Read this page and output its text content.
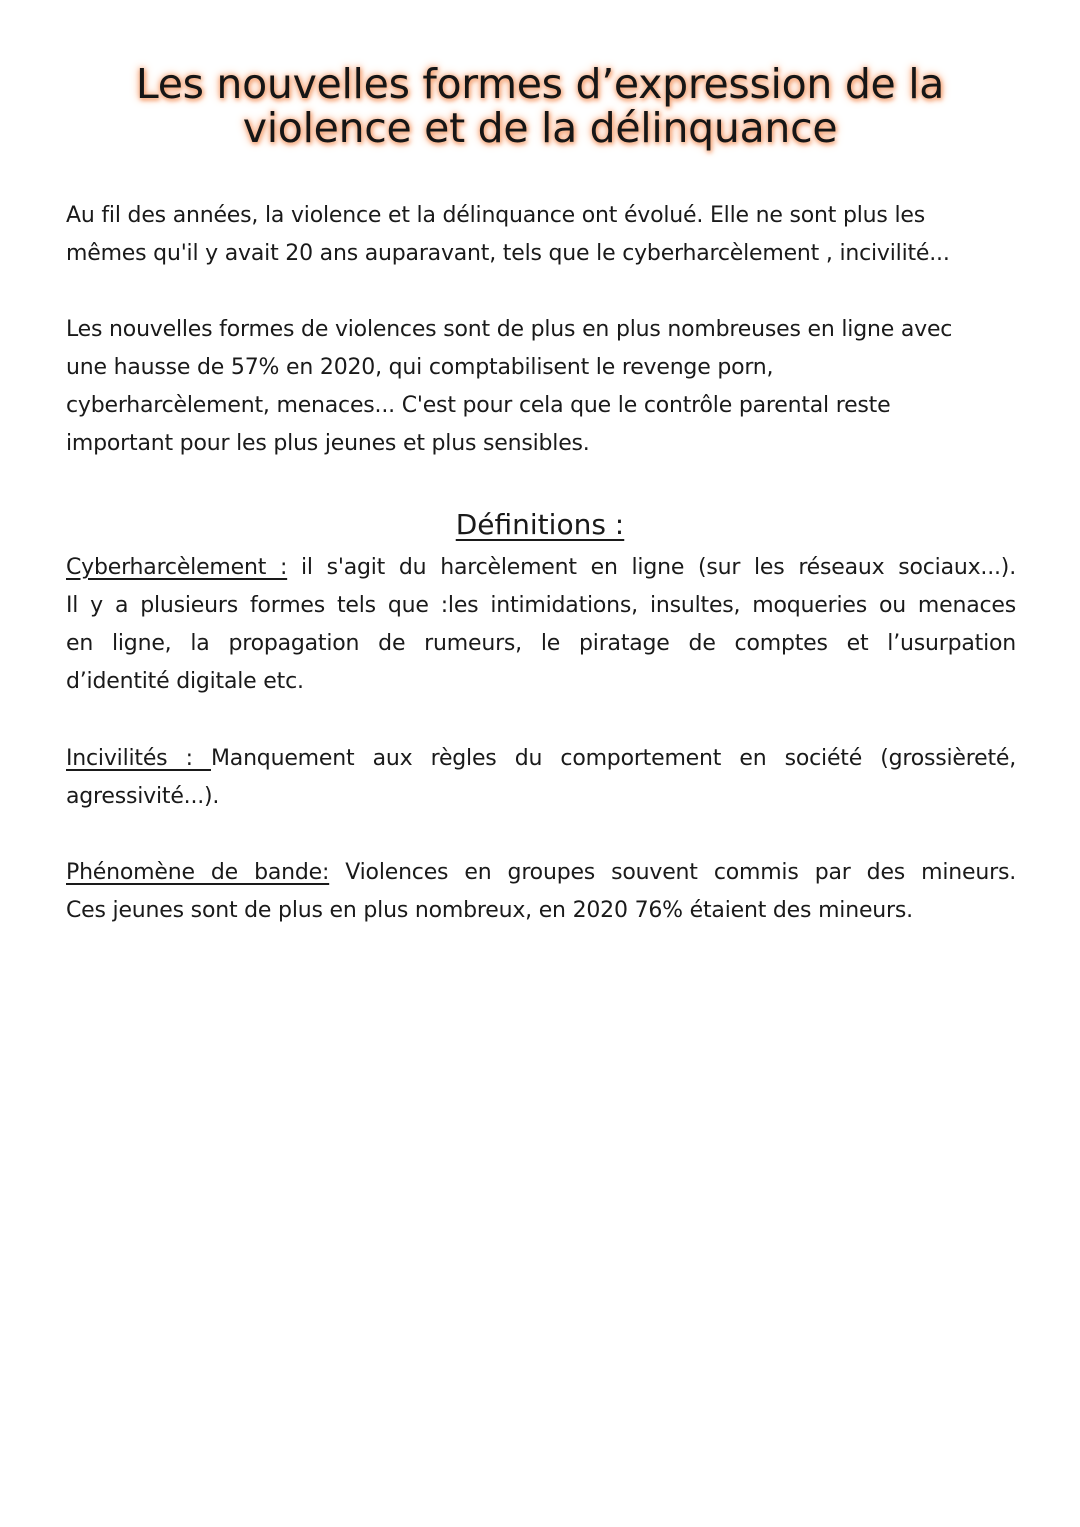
Les nouvelles formes d’expression de la
violence et de la délinquance

Au fil des années, la violence et la délinquance ont évolué. Elle ne sont plus les
mêmes qu'il y avait 20 ans auparavant, tels que le cyberharcèlement , incivilité...

Les nouvelles formes de violences sont de plus en plus nombreuses en ligne avec
une hausse de 57% en 2020, qui comptabilisent le revenge porn,
cyberharcèlement, menaces... C'est pour cela que le contrôle parental reste
important pour les plus jeunes et plus sensibles.

Définitions :

Cyberharcèlement : il s'agit du harcèlement en ligne (sur les réseaux sociaux...).
Il y a plusieurs formes tels que :les intimidations, insultes, moqueries ou menaces
en ligne, la propagation de rumeurs, le piratage de comptes et l’usurpation
d’identité digitale etc.

Incivilités : Manquement aux règles du comportement en société (grossièreté,
agressivité...).

Phénomène de bande: Violences en groupes souvent commis par des mineurs.
Ces jeunes sont de plus en plus nombreux, en 2020 76% étaient des mineurs.
